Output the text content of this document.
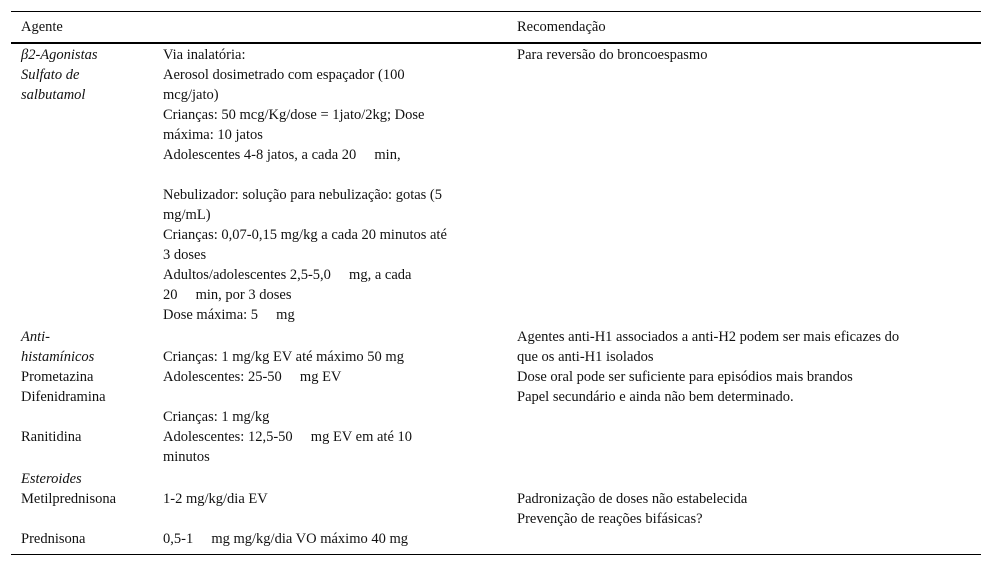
Agente	Recomendação
β2-Agonistas
Sulfato de
salbutamol
Anti-
histamínicos
Prometazina
Difenidramina
Ranitidina
Esteroides
Metilprednisona
Prednisona
Via inalatória:
Aerosol dosimetrado com espaçador (100
mcg/jato)
Crianças: 50 mcg/Kg/dose = 1jato/2kg; Dose
máxima: 10 jatos
Adolescentes 4-8 jatos, a cada 20  min,
Nebulizador: solução para nebulização: gotas (5
mg/mL)
Crianças: 0,07-0,15 mg/kg a cada 20 minutos até
3 doses
Adultos/adolescentes 2,5-5,0  mg, a cada
20  min, por 3 doses
Dose máxima: 5  mg
Crianças: 1 mg/kg EV até máximo 50 mg
Adolescentes: 25-50  mg EV
Crianças: 1 mg/kg
Adolescentes: 12,5-50  mg EV em até 10
minutos
1-2 mg/kg/dia EV
0,5-1  mg mg/kg/dia VO máximo 40 mg
Para reversão do broncoespasmo
Agentes anti-H1 associados a anti-H2 podem ser mais eficazes do
que os anti-H1 isolados
Dose oral pode ser suficiente para episódios mais brandos
Papel secundário e ainda não bem determinado.
Padronização de doses não estabelecida
Prevenção de reações bifásicas?
